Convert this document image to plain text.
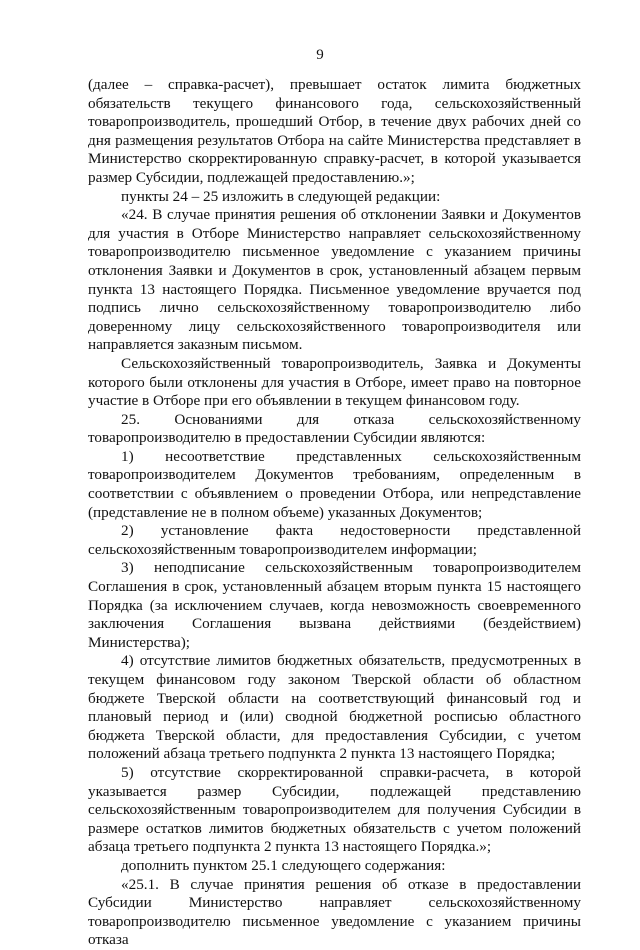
9

(далее – справка-расчет), превышает остаток лимита бюджетных обязательств текущего финансового года, сельскохозяйственный товаропроизводитель, прошедший Отбор, в течение двух рабочих дней со дня размещения результатов Отбора на сайте Министерства представляет в Министерство скорректированную справку-расчет, в которой указывается размер Субсидии, подлежащей предоставлению.»;

пункты 24 – 25 изложить в следующей редакции:

«24. В случае принятия решения об отклонении Заявки и Документов для участия в Отборе Министерство направляет сельскохозяйственному товаропроизводителю письменное уведомление с указанием причины отклонения Заявки и Документов в срок, установленный абзацем первым пункта 13 настоящего Порядка. Письменное уведомление вручается под подпись лично сельскохозяйственному товаропроизводителю либо доверенному лицу сельскохозяйственного товаропроизводителя или направляется заказным письмом.

Сельскохозяйственный товаропроизводитель, Заявка и Документы которого были отклонены для участия в Отборе, имеет право на повторное участие в Отборе при его объявлении в текущем финансовом году.

25. Основаниями для отказа сельскохозяйственному товаропроизводителю в предоставлении Субсидии являются:

1) несоответствие представленных сельскохозяйственным товаропроизводителем Документов требованиям, определенным в соответствии с объявлением о проведении Отбора, или непредставление (представление не в полном объеме) указанных Документов;

2) установление факта недостоверности представленной сельскохозяйственным товаропроизводителем информации;

3) неподписание сельскохозяйственным товаропроизводителем Соглашения в срок, установленный абзацем вторым пункта 15 настоящего Порядка (за исключением случаев, когда невозможность своевременного заключения Соглашения вызвана действиями (бездействием) Министерства);

4) отсутствие лимитов бюджетных обязательств, предусмотренных в текущем финансовом году законом Тверской области об областном бюджете Тверской области на соответствующий финансовый год и плановый период и (или) сводной бюджетной росписью областного бюджета Тверской области, для предоставления Субсидии, с учетом положений абзаца третьего подпункта 2 пункта 13 настоящего Порядка;

5) отсутствие скорректированной справки-расчета, в которой указывается размер Субсидии, подлежащей представлению сельскохозяйственным товаропроизводителем для получения Субсидии в размере остатков лимитов бюджетных обязательств с учетом положений абзаца третьего подпункта 2 пункта 13 настоящего Порядка.»;

дополнить пунктом 25.1 следующего содержания:

«25.1. В случае принятия решения об отказе в предоставлении Субсидии Министерство направляет сельскохозяйственному товаропроизводителю письменное уведомление с указанием причины отказа
